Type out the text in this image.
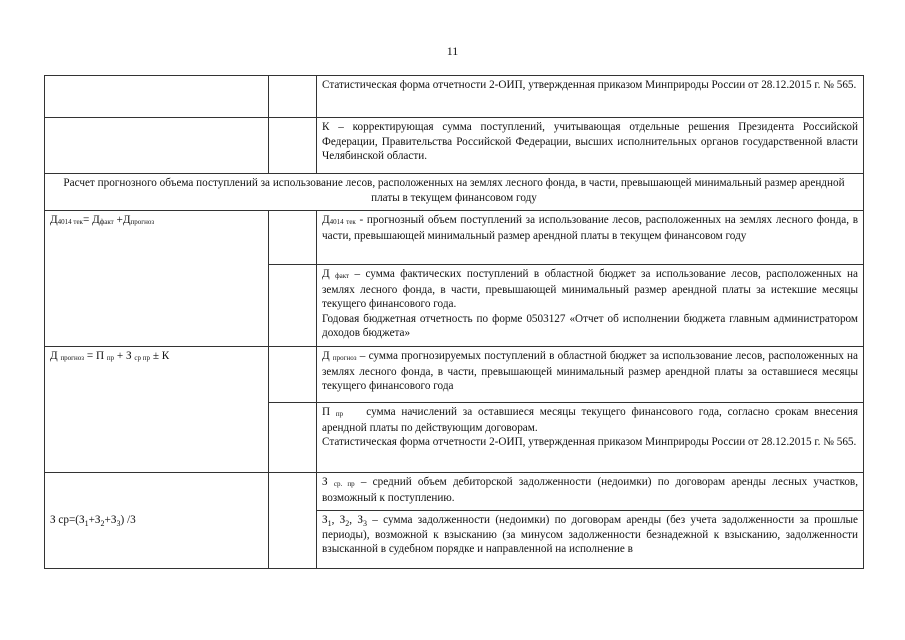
11
		Статистическая форма отчетности 2-ОИП, утвержденная приказом Минприроды России от 28.12.2015 г. № 565.
		К – корректирующая сумма поступлений, учитывающая отдельные решения Президента Российской Федерации, Правительства Российской Федерации, высших исполнительных органов государственной власти Челябинской области.
Расчет прогнозного объема поступлений за использование лесов, расположенных на землях лесного фонда, в части, превышающей минимальный размер арендной платы в текущем финансовом году		
Д4014 тек= Дфакт +Дпрогноз		Д4014 тек - прогнозный объем поступлений за использование лесов, расположенных на землях лесного фонда, в части, превышающей минимальный размер арендной платы в текущем финансовом году

		Д факт – сумма фактических поступлений в областной бюджет за использование лесов, расположенных на землях лесного фонда, в части, превышающей минимальный размер арендной платы за истекшие месяцы текущего финансового года.
Годовая бюджетная отчетность по форме 0503127 «Отчет об исполнении бюджета главным администратором доходов бюджета»

Д прогноз = П пр + З ср пр ± К		Д прогноз – сумма прогнозируемых поступлений в областной бюджет за использование лесов, расположенных на землях лесного фонда, в части, превышающей минимальный размер арендной платы за оставшиеся месяцы текущего финансового года

		П пр    сумма начислений за оставшиеся месяцы текущего финансового года, согласно срокам внесения арендной платы по действующим договорам.
Статистическая форма отчетности 2-ОИП, утвержденная приказом Минприроды России от 28.12.2015 г. № 565.

З $ср=(З_1+З_2+З_3)$ /3		З ср. пр – средний объем дебиторской задолженности (недоимки) по договорам аренды лесных участков, возможный к поступлению.
		$З_1$, $З_2$, $З_3$ – сумма задолженности (недоимки) по договорам аренды (без учета задолженности за прошлые периоды), возможной к взысканию (за минусом задолженности безнадежной к взысканию, задолженности взысканной в судебном порядке и направленной на исполнение в
